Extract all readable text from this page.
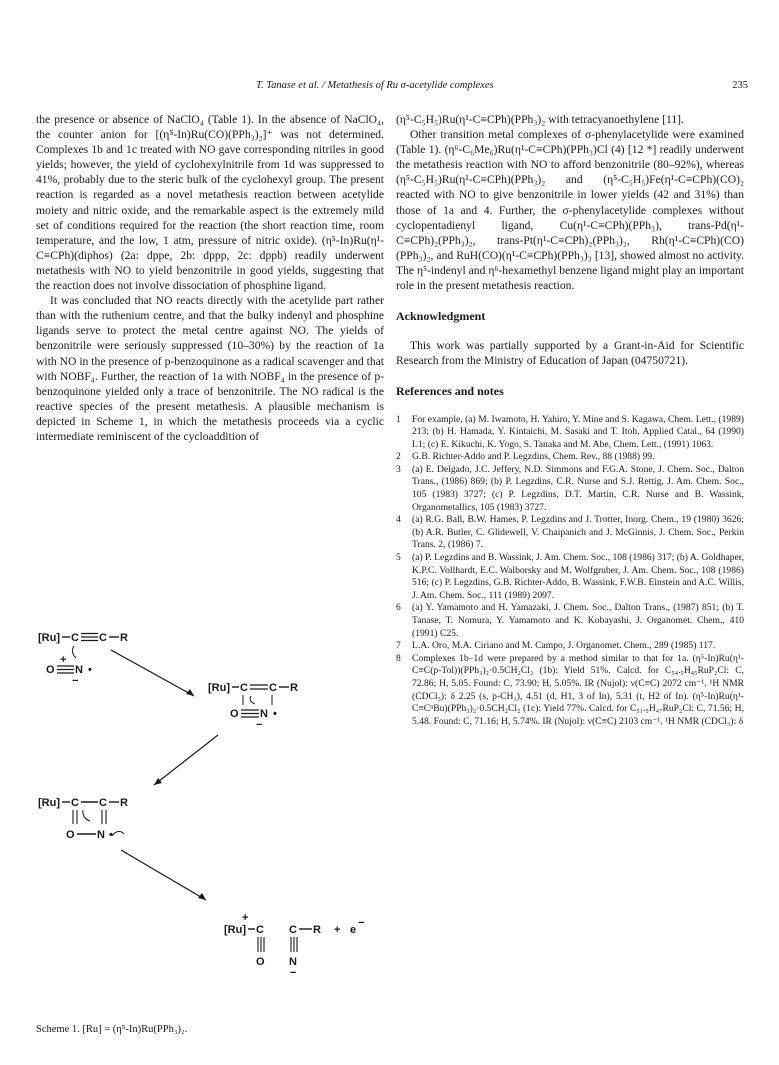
T. Tanase et al. / Metathesis of Ru σ-acetylide complexes	235

the presence or absence of NaClO₄ (Table 1). In the absence of NaClO₄, the counter anion for [(η⁵-In)Ru(CO)(PPh₃)₂]⁺ was not determined. Complexes 1b and 1c treated with NO gave corresponding nitriles in good yields; however, the yield of cyclohexylnitrile from 1d was suppressed to 41%, probably due to the steric bulk of the cyclohexyl group. The present reaction is regarded as a novel metathesis reaction between acetylide moiety and nitric oxide, and the remarkable aspect is the extremely mild set of conditions required for the reaction (the short reaction time, room temperature, and the low, 1 atm, pressure of nitric oxide). (η⁵-In)Ru(η¹-C≡CPh)(diphos) (2a: dppe, 2b: dppp, 2c: dppb) readily underwent metathesis with NO to yield benzonitrile in good yields, suggesting that the reaction does not involve dissociation of phosphine ligand.

It was concluded that NO reacts directly with the acetylide part rather than with the ruthenium centre, and that the bulky indenyl and phosphine ligands serve to protect the metal centre against NO. The yields of benzonitrile were seriously suppressed (10–30%) by the reaction of 1a with NO in the presence of p-benzoquinone as a radical scavenger and that with NOBF₄. Further, the reaction of 1a with NOBF₄ in the presence of p-benzoquinone yielded only a trace of benzonitrile. The NO radical is the reactive species of the present metathesis. A plausible mechanism is depicted in Scheme 1, in which the metathesis proceeds via a cyclic intermediate reminiscent of the cycloaddition of

[Ru] C C R
+
O N •
−
[Ru] C C R
O N •
−
[Ru] C C R
O N •
+
[Ru] C
O
C R
N
+ e
−
−
Scheme 1. [Ru] = (η⁵-In)Ru(PPh₃)₂.

(η⁵-C₅H₅)Ru(η¹-C≡CPh)(PPh₃)₂ with tetracyanoethylene [11].

Other transition metal complexes of σ-phenylacetylide were examined (Table 1). (η⁶-C₆Me₆)Ru(η¹-C≡CPh)(PPh₃)Cl (4) [12 *] readily underwent the metathesis reaction with NO to afford benzonitrile (80–92%), whereas (η⁵-C₅H₅)Ru(η¹-C≡CPh)(PPh₃)₂ and (η⁵-C₅H₅)Fe(η¹-C≡CPh)(CO)₂ reacted with NO to give benzonitrile in lower yields (42 and 31%) than those of 1a and 4. Further, the σ-phenylacetylide complexes without cyclopentadienyl ligand, Cu(η¹-C≡CPh)(PPh₃), trans-Pd(η¹-C≡CPh)₂(PPh₃)₂, trans-Pt(η¹-C≡CPh)₂(PPh₃)₂, Rh(η¹-C≡CPh)(CO)(PPh₃)₂, and RuH(CO)(η¹-C≡CPh)(PPh₃)₃ [13], showed almost no activity. The η⁵-indenyl and η⁶-hexamethyl benzene ligand might play an important role in the present metathesis reaction.

Acknowledgment

This work was partially supported by a Grant-in-Aid for Scientific Research from the Ministry of Education of Japan (04750721).

References and notes
1 For example, (a) M. Iwamoto, H. Yahiro, Y. Mine and S. Kagawa, Chem. Lett., (1989) 213; (b) H. Hamada, Y. Kintaichi, M. Sasaki and T. Itoh, Applied Catal., 64 (1990) L1; (c) E. Kikuchi, K. Yogo, S. Tanaka and M. Abe, Chem. Lett., (1991) 1063.
2 G.B. Richter-Addo and P. Legzdins, Chem. Rev., 88 (1988) 99.
3 (a) E. Delgado, J.C. Jeffery, N.D. Simmons and F.G.A. Stone, J. Chem. Soc., Dalton Trans., (1986) 869; (b) P. Legzdins, C.R. Nurse and S.J. Rettig, J. Am. Chem. Soc., 105 (1983) 3727; (c) P. Legzdins, D.T. Martin, C.R. Nurse and B. Wassink, Organometallics, 105 (1983) 3727.
4 (a) R.G. Ball, B.W. Hames, P. Legzdins and J. Trotter, Inorg. Chem., 19 (1980) 3626; (b) A.R. Butler, C. Glidewell, V. Chaipanich and J. McGinnis, J. Chem. Soc., Perkin Trans. 2, (1986) 7.
5 (a) P. Legzdins and B. Wassink, J. Am. Chem. Soc., 108 (1986) 317; (b) A. Goldhaper, K.P.C. Vollhardt, E.C. Walborsky and M. Wolfgruber, J. Am. Chem. Soc., 108 (1986) 516; (c) P. Legzdins, G.B. Richter-Addo, B. Wassink, F.W.B. Einstein and A.C. Willis, J. Am. Chem. Soc., 111 (1989) 2097.
6 (a) Y. Yamamoto and H. Yamazaki, J. Chem. Soc., Dalton Trans., (1987) 851; (b) T. Tanase, T. Nomura, Y. Yamamoto and K. Kobayashi, J. Organomet. Chem., 410 (1991) C25.
7 L.A. Oro, M.A. Ciriano and M. Campo, J. Organomet. Chem., 289 (1985) 117.
8 Complexes 1b–1d were prepared by a method similar to that for 1a. (η⁵-In)Ru(η¹-C≡C(p-Tol))(PPh₃)₂·0.5CH₂Cl₂ (1b): Yield 51%. Calcd. for C₅₄.₅H₄₅RuP₂Cl: C, 72.86; H, 5.05. Found: C, 73.90; H, 5.05%. IR (Nujol): ν(C≡C) 2072 cm⁻¹. ¹H NMR (CDCl₃): δ 2.25 (s, p-CH₃), 4.51 (d, H1, 3 of In), 5.31 (t, H2 of In). (η⁵-In)Ru(η¹-C≡CⁿBu)(PPh₃)₂·0.5CH₂Cl₂ (1c): Yield 77%. Calcd. for C₅₁.₅H₄₇RuP₂Cl: C, 71.56; H, 5.48. Found: C, 71.16; H, 5.74%. IR (Nujol): ν(C≡C) 2103 cm⁻¹. ¹H NMR (CDCl₃): δ
